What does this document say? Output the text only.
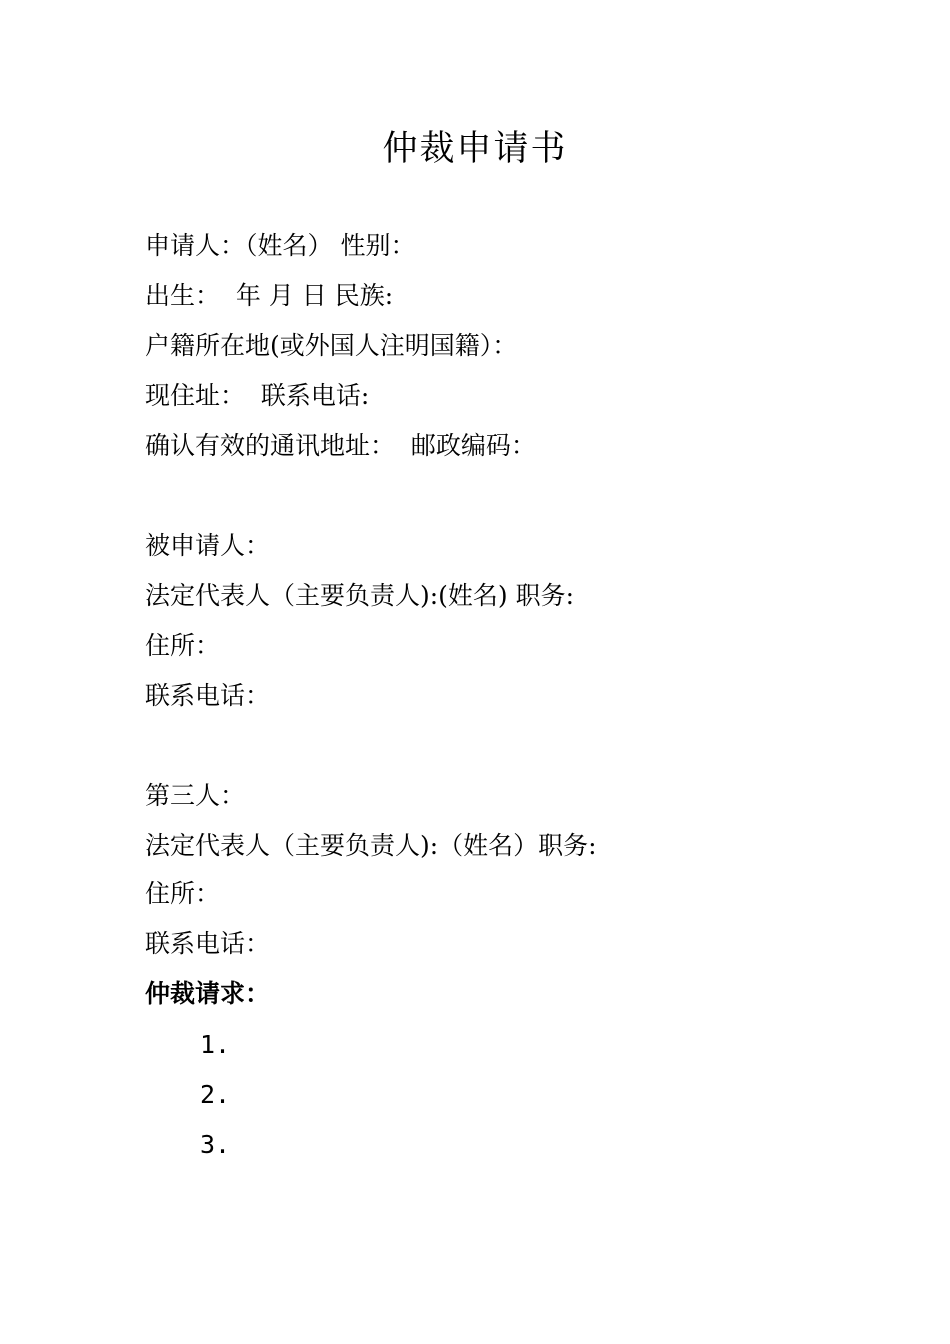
仲裁申请书
申请人：（姓名） 性别：
出生：  年 月 日 民族:
户籍所在地(或外国人注明国籍）：
现住址：  联系电话:
确认有效的通讯地址：  邮政编码：
被申请人：
法定代表人（主要负责人):(姓名) 职务:
住所：
联系电话：
第三人：
法定代表人（主要负责人):（姓名）职务:
住所：
联系电话：
仲裁请求：
1.
2.
3.
